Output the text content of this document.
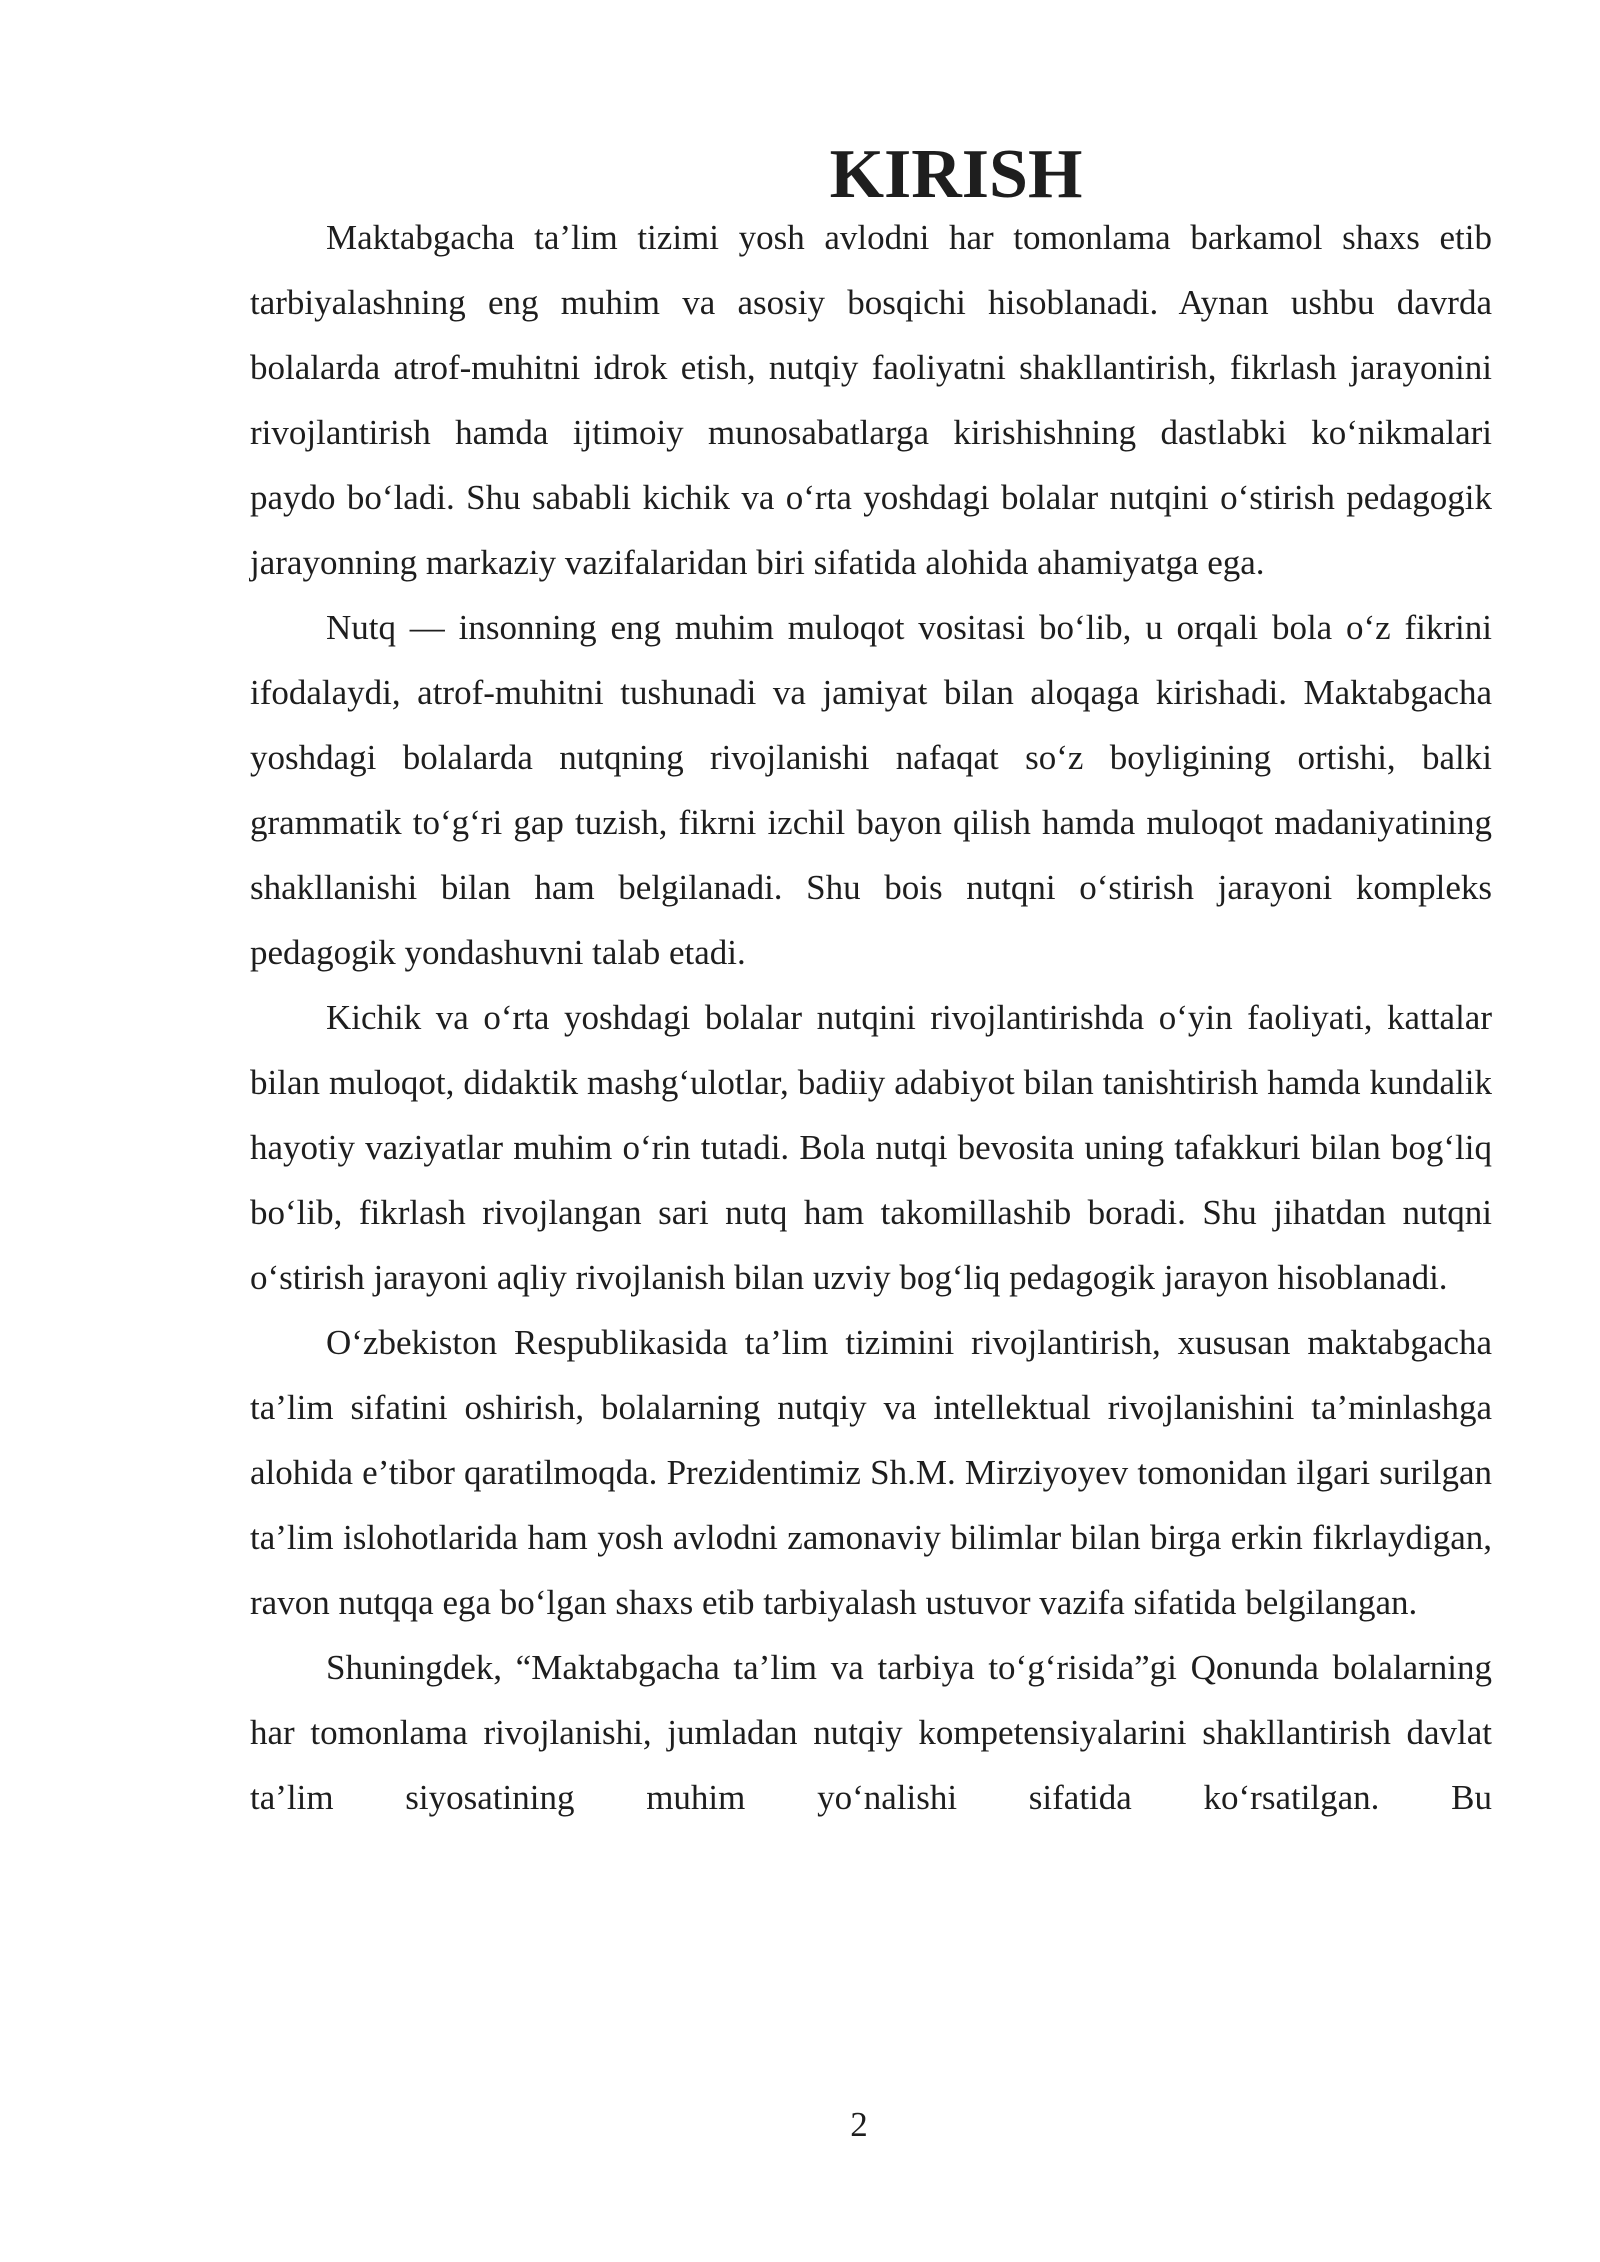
KIRISH

Maktabgacha ta’lim tizimi yosh avlodni har tomonlama barkamol shaxs etib tarbiyalashning eng muhim va asosiy bosqichi hisoblanadi. Aynan ushbu davrda bolalarda atrof-muhitni idrok etish, nutqiy faoliyatni shakllantirish, fikrlash jarayonini rivojlantirish hamda ijtimoiy munosabatlarga kirishishning dastlabki ko‘nikmalari paydo bo‘ladi. Shu sababli kichik va o‘rta yoshdagi bolalar nutqini o‘stirish pedagogik jarayonning markaziy vazifalaridan biri sifatida alohida ahamiyatga ega.

Nutq — insonning eng muhim muloqot vositasi bo‘lib, u orqali bola o‘z fikrini ifodalaydi, atrof-muhitni tushunadi va jamiyat bilan aloqaga kirishadi. Maktabgacha yoshdagi bolalarda nutqning rivojlanishi nafaqat so‘z boyligining ortishi, balki grammatik to‘g‘ri gap tuzish, fikrni izchil bayon qilish hamda muloqot madaniyatining shakllanishi bilan ham belgilanadi. Shu bois nutqni o‘stirish jarayoni kompleks pedagogik yondashuvni talab etadi.

Kichik va o‘rta yoshdagi bolalar nutqini rivojlantirishda o‘yin faoliyati, kattalar bilan muloqot, didaktik mashg‘ulotlar, badiiy adabiyot bilan tanishtirish hamda kundalik hayotiy vaziyatlar muhim o‘rin tutadi. Bola nutqi bevosita uning tafakkuri bilan bog‘liq bo‘lib, fikrlash rivojlangan sari nutq ham takomillashib boradi. Shu jihatdan nutqni o‘stirish jarayoni aqliy rivojlanish bilan uzviy bog‘liq pedagogik jarayon hisoblanadi.

O‘zbekiston Respublikasida ta’lim tizimini rivojlantirish, xususan maktabgacha ta’lim sifatini oshirish, bolalarning nutqiy va intellektual rivojlanishini ta’minlashga alohida e’tibor qaratilmoqda. Prezidentimiz Sh.M. Mirziyoyev tomonidan ilgari surilgan ta’lim islohotlarida ham yosh avlodni zamonaviy bilimlar bilan birga erkin fikrlaydigan, ravon nutqqa ega bo‘lgan shaxs etib tarbiyalash ustuvor vazifa sifatida belgilangan.

Shuningdek, “Maktabgacha ta’lim va tarbiya to‘g‘risida”gi Qonunda bolalarning har tomonlama rivojlanishi, jumladan nutqiy kompetensiyalarini shakllantirish davlat ta’lim siyosatining muhim yo‘nalishi sifatida ko‘rsatilgan. Bu

2
